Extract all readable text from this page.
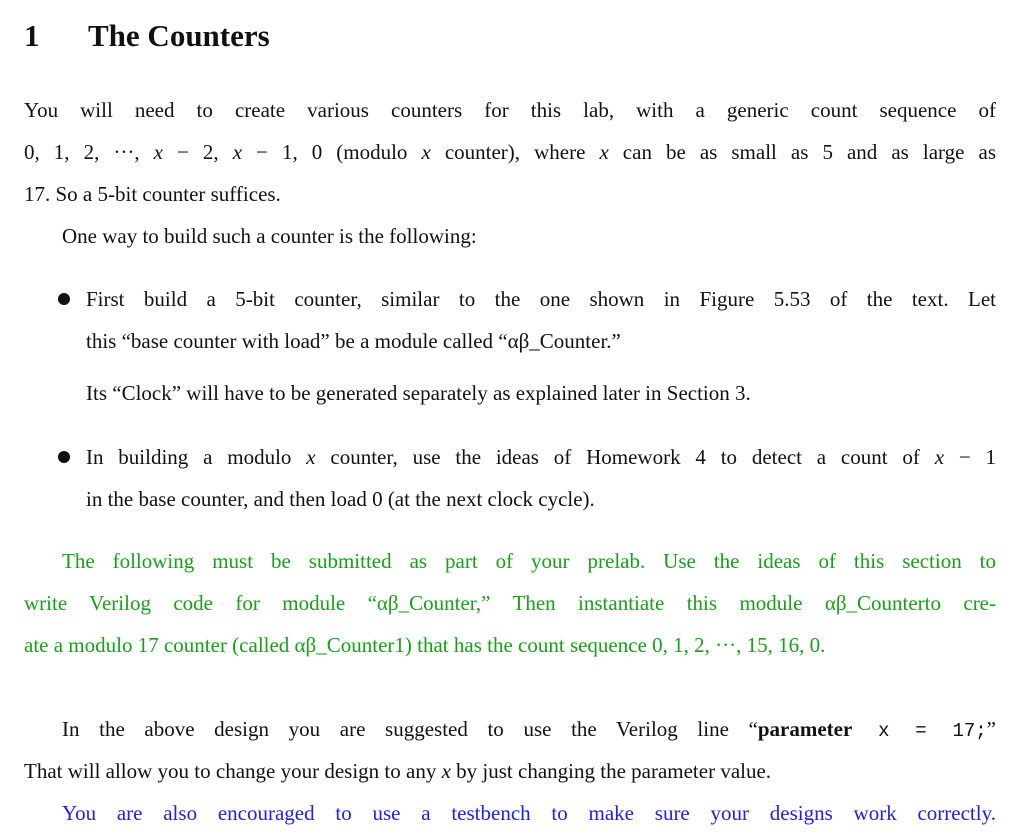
1 The Counters
You will need to create various counters for this lab, with a generic count sequence of
0, 1, 2, ···, x − 2, x − 1, 0 (modulo x counter), where x can be as small as 5 and as large as
17. So a 5-bit counter suffices.
One way to build such a counter is the following:
First build a 5-bit counter, similar to the one shown in Figure 5.53 of the text. Let
this “base counter with load” be a module called “αβ_Counter.”
Its “Clock” will have to be generated separately as explained later in Section 3.
In building a modulo x counter, use the ideas of Homework 4 to detect a count of x − 1
in the base counter, and then load 0 (at the next clock cycle).
The following must be submitted as part of your prelab. Use the ideas of this section to
write Verilog code for module “αβ_Counter,” Then instantiate this module αβ_Counterto cre-
ate a modulo 17 counter (called αβ_Counter1) that has the count sequence 0, 1, 2, ···, 15, 16, 0.
In the above design you are suggested to use the Verilog line “parameter x = 17;”
That will allow you to change your design to any x by just changing the parameter value.
You are also encouraged to use a testbench to make sure your designs work correctly.
